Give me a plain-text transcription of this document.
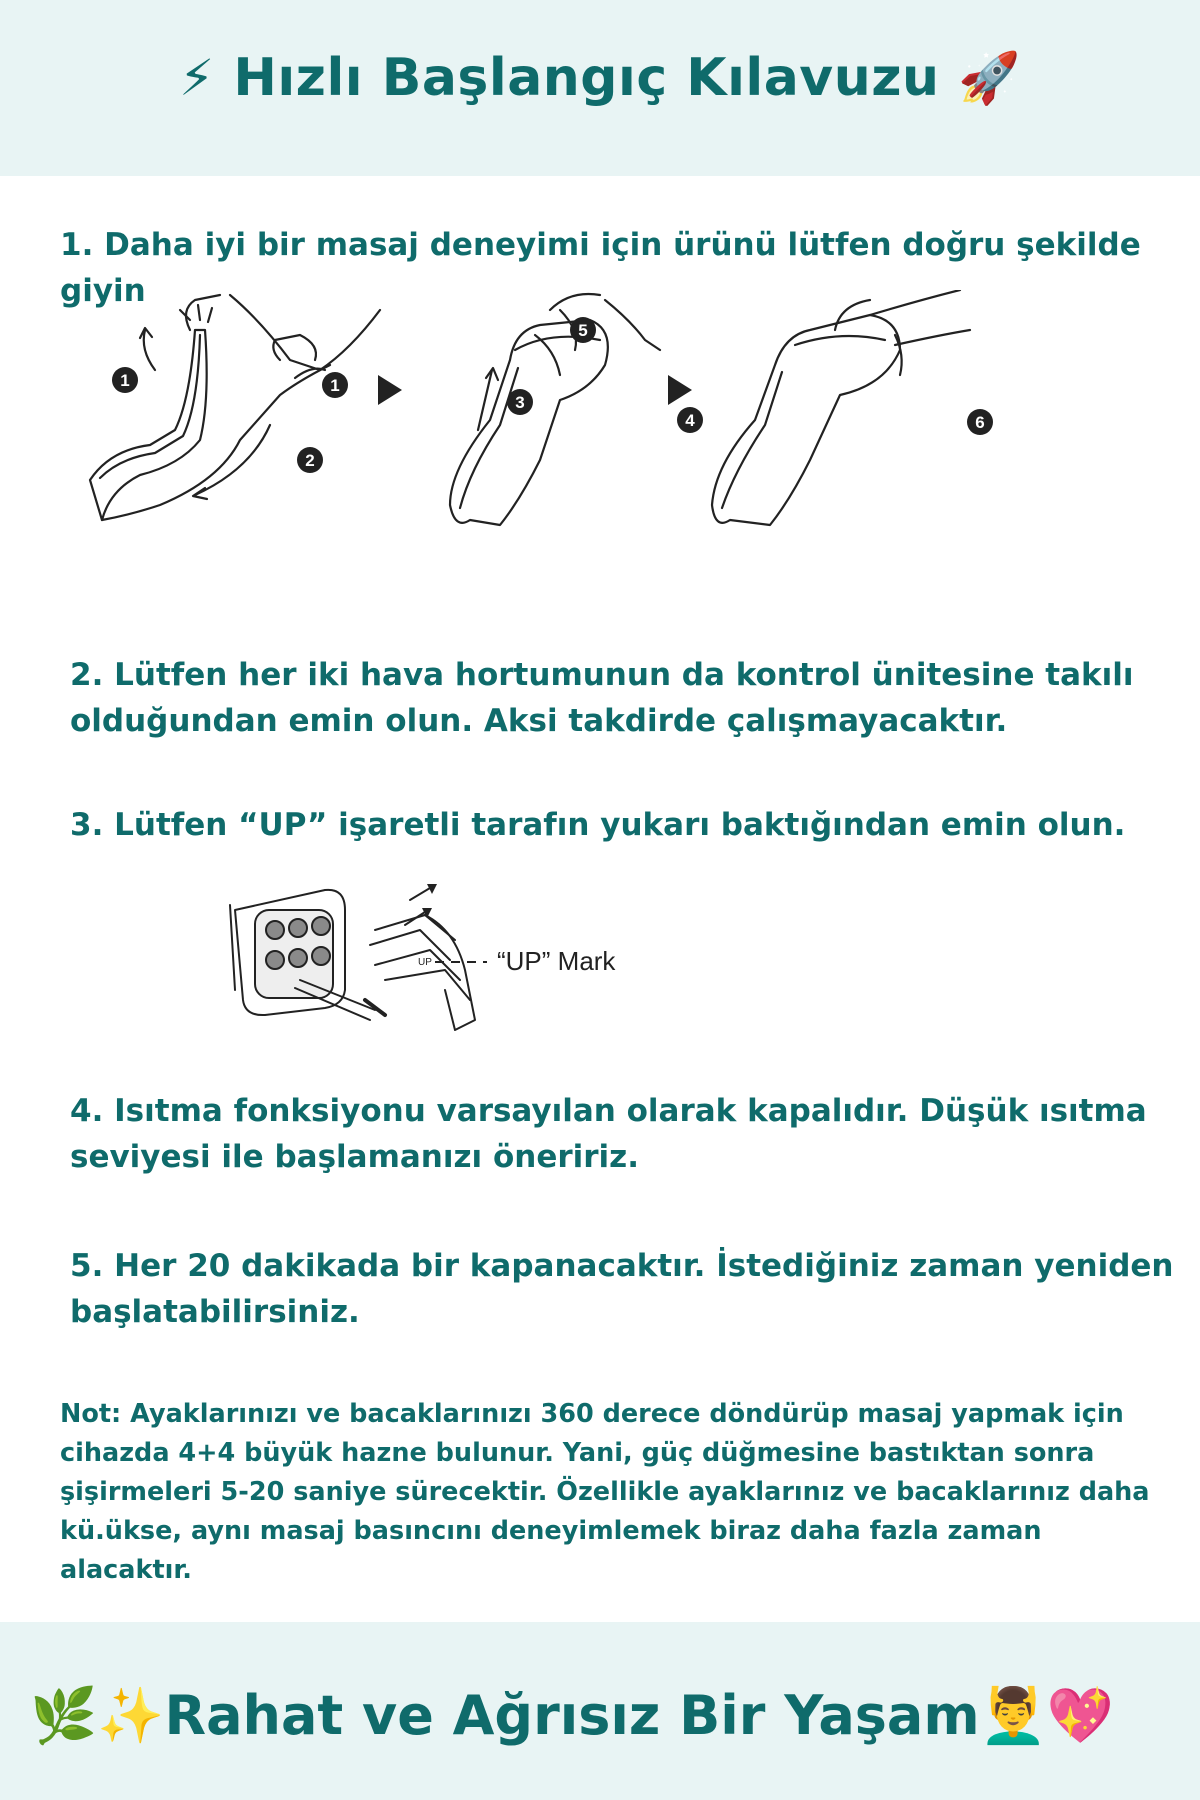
⚡ Hızlı Başlangıç Kılavuzu 🚀

1. Daha iyi bir masaj deneyimi için ürünü lütfen doğru şekilde giyin

1	1
2
3
4
5
6

2. Lütfen her iki hava hortumunun da kontrol ünitesine takılı olduğundan emin olun. Aksi takdirde çalışmayacaktır.

3. Lütfen “UP” işaretli tarafın yukarı baktığından emin olun.

UP	“UP” Mark

4. Isıtma fonksiyonu varsayılan olarak kapalıdır. Düşük ısıtma seviyesi ile başlamanızı öneririz.

5. Her 20 dakikada bir kapanacaktır. İstediğiniz zaman yeniden başlatabilirsiniz.

Not: Ayaklarınızı ve bacaklarınızı 360 derece döndürüp masaj yapmak için cihazda 4+4 büyük hazne bulunur. Yani, güç düğmesine bastıktan sonra şişirmeleri 5-20 saniye sürecektir. Özellikle ayaklarınız ve bacaklarınız daha kü.ükse, aynı masaj basıncını deneyimlemek biraz daha fazla zaman alacaktır.

🌿✨Rahat ve Ağrısız Bir Yaşam💆‍♂️💖
